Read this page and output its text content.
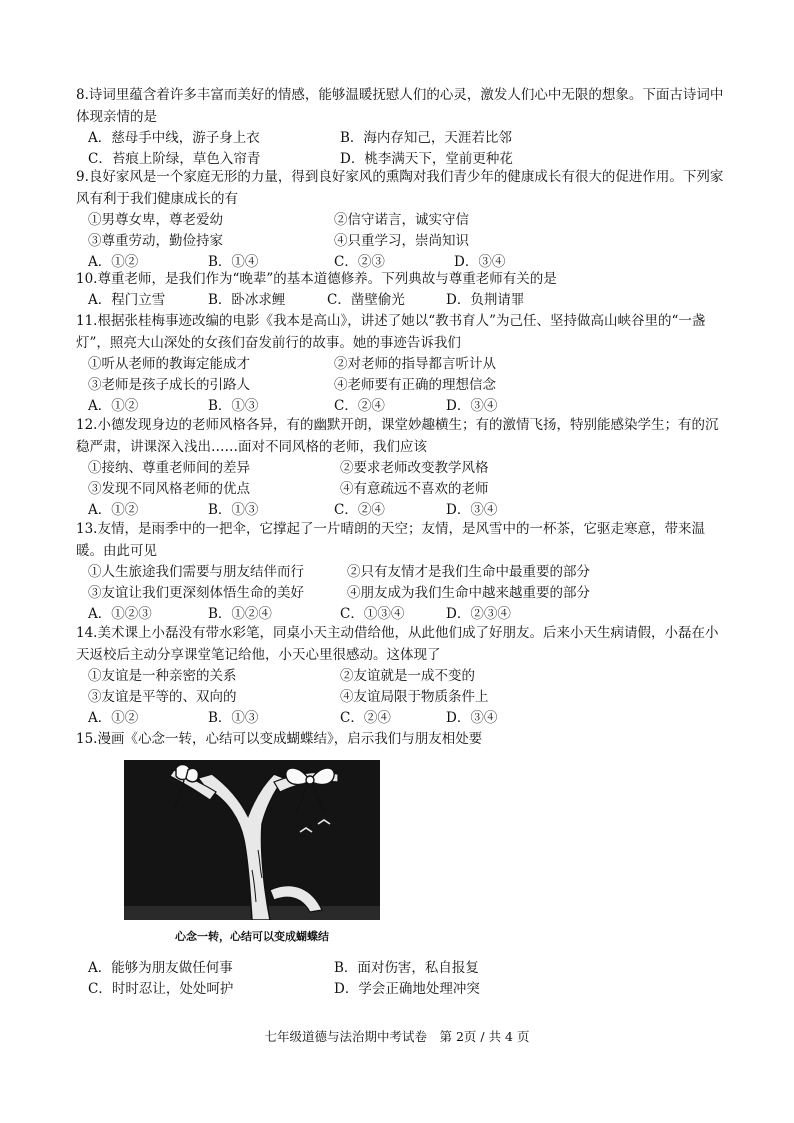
8.诗词里蕴含着许多丰富而美好的情感，能够温暖抚慰人们的心灵，激发人们心中无限的想象。下面古诗词中体现亲情的是

A．慈母手中线，游子身上衣	B．海内存知己，天涯若比邻
C．苔痕上阶绿，草色入帘青	D．桃李满天下，堂前更种花

9.良好家风是一个家庭无形的力量，得到良好家风的熏陶对我们青少年的健康成长有很大的促进作用。下列家风有利于我们健康成长的有

①男尊女卑，尊老爱幼	②信守诺言，诚实守信
③尊重劳动，勤俭持家	④只重学习，崇尚知识
A．①②	B．①④	C．②③	D．③④

10.尊重老师，是我们作为“晚辈”的基本道德修养。下列典故与尊重老师有关的是

A．程门立雪	B．卧冰求鲤	C．凿壁偷光	D．负荆请罪

11.根据张桂梅事迹改编的电影《我本是高山》，讲述了她以“教书育人”为己任、坚持做高山峡谷里的“一盏灯”，照亮大山深处的女孩们奋发前行的故事。她的事迹告诉我们

①听从老师的教诲定能成才	②对老师的指导都言听计从
③老师是孩子成长的引路人	④老师要有正确的理想信念
A．①②	B．①③	C．②④	D．③④

12.小德发现身边的老师风格各异，有的幽默开朗，课堂妙趣横生；有的激情飞扬，特别能感染学生；有的沉稳严肃，讲课深入浅出……面对不同风格的老师，我们应该

①接纳、尊重老师间的差异	②要求老师改变教学风格
③发现不同风格老师的优点	④有意疏远不喜欢的老师
A．①②	B．①③	C．②④	D．③④

13.友情，是雨季中的一把伞，它撑起了一片晴朗的天空；友情，是风雪中的一杯茶，它驱走寒意，带来温暖。由此可见

①人生旅途我们需要与朋友结伴而行	②只有友情才是我们生命中最重要的部分
③友谊让我们更深刻体悟生命的美好	④朋友成为我们生命中越来越重要的部分
A．①②③	B．①②④	C．①③④	D．②③④

14.美术课上小磊没有带水彩笔，同桌小天主动借给他，从此他们成了好朋友。后来小天生病请假，小磊在小天返校后主动分享课堂笔记给他，小天心里很感动。这体现了

①友谊是一种亲密的关系	②友谊就是一成不变的
③友谊是平等的、双向的	④友谊局限于物质条件上
A．①②	B．①③	C．②④	D．③④

15.漫画《心念一转，心结可以变成蝴蝶结》，启示我们与朋友相处要

心念一转，心结可以变成蝴蝶结
A．能够为朋友做任何事	B．面对伤害，私自报复
C．时时忍让，处处呵护	D．学会正确地处理冲突
七年级道德与法治期中考试卷　第 2页 / 共 4 页
